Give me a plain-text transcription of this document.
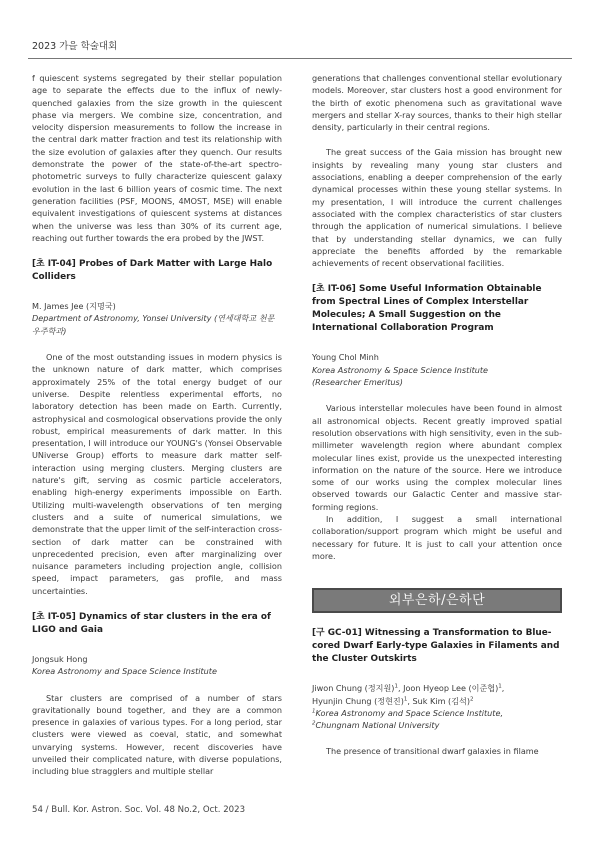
2023 가을 학술대회

f quiescent systems segregated by their stellar population age to separate the effects due to the influx of newly-quenched galaxies from the size growth in the quiescent phase via mergers. We combine size, concentration, and velocity dispersion measurements to follow the increase in the central dark matter fraction and test its relationship with the size evolution of galaxies after they quench. Our results demonstrate the power of the state-of-the-art spectro-photometric surveys to fully characterize quiescent galaxy evolution in the last 6 billion years of cosmic time. The next generation facilities (PSF, MOONS, 4MOST, MSE) will enable equivalent investigations of quiescent systems at distances when the universe was less than 30% of its current age, reaching out further towards the era probed by the JWST.

[초 IT-04] Probes of Dark Matter with Large Halo Colliders
M. James Jee (지명국)
Department of Astronomy, Yonsei University (연세대학교 천문우주학과)

One of the most outstanding issues in modern physics is the unknown nature of dark matter, which comprises approximately 25% of the total energy budget of our universe. Despite relentless experimental efforts, no laboratory detection has been made on Earth. Currently, astrophysical and cosmological observations provide the only robust, empirical measurements of dark matter. In this presentation, I will introduce our YOUNG's (Yonsei Observable UNiverse Group) efforts to measure dark matter self-interaction using merging clusters. Merging clusters are nature's gift, serving as cosmic particle accelerators, enabling high-energy experiments impossible on Earth. Utilizing multi-wavelength observations of ten merging clusters and a suite of numerical simulations, we demonstrate that the upper limit of the self-interaction cross-section of dark matter can be constrained with unprecedented precision, even after marginalizing over nuisance parameters including projection angle, collision speed, impact parameters, gas profile, and mass uncertainties.

[초 IT-05] Dynamics of star clusters in the era of LIGO and Gaia
Jongsuk Hong
Korea Astronomy and Space Science Institute

Star clusters are comprised of a number of stars gravitationally bound together, and they are a common presence in galaxies of various types. For a long period, star clusters were viewed as coeval, static, and somewhat unvarying systems. However, recent discoveries have unveiled their complicated nature, with diverse populations, including blue stragglers and multiple stellar

generations that challenges conventional stellar evolutionary models. Moreover, star clusters host a good environment for the birth of exotic phenomena such as gravitational wave mergers and stellar X-ray sources, thanks to their high stellar density, particularly in their central regions.

The great success of the Gaia mission has brought new insights by revealing many young star clusters and associations, enabling a deeper comprehension of the early dynamical processes within these young stellar systems. In my presentation, I will introduce the current challenges associated with the complex characteristics of star clusters through the application of numerical simulations. I believe that by understanding stellar dynamics, we can fully appreciate the benefits afforded by the remarkable achievements of recent observational facilities.

[초 IT-06] Some Useful Information Obtainable from Spectral Lines of Complex Interstellar Molecules; A Small Suggestion on the International Collaboration Program
Young Chol Minh
Korea Astronomy & Space Science Institute
(Researcher Emeritus)

Various interstellar molecules have been found in almost all astronomical objects. Recent greatly improved spatial resolution observations with high sensitivity, even in the sub-millimeter wavelength region where abundant complex molecular lines exist, provide us the unexpected interesting information on the nature of the source. Here we introduce some of our works using the complex molecular lines observed towards our Galactic Center and massive star-forming regions.

In addition, I suggest a small international collaboration/support program which might be useful and necessary for future. It is just to call your attention once more.

외부은하/은하단
[구 GC-01] Witnessing a Transformation to Blue-cored Dwarf Early-type Galaxies in Filaments and the Cluster Outskirts
Jiwon Chung (정지원)$^1$, Joon Hyeop Lee (이준협)$^1$,
Hyunjin Chung (정현진)$^1$, Suk Kim (김석)$^2$
$^1$Korea Astronomy and Space Science Institute,
$^2$Chungnam National University

The presence of transitional dwarf galaxies in filame

54 / Bull. Kor. Astron. Soc. Vol. 48 No.2, Oct. 2023
